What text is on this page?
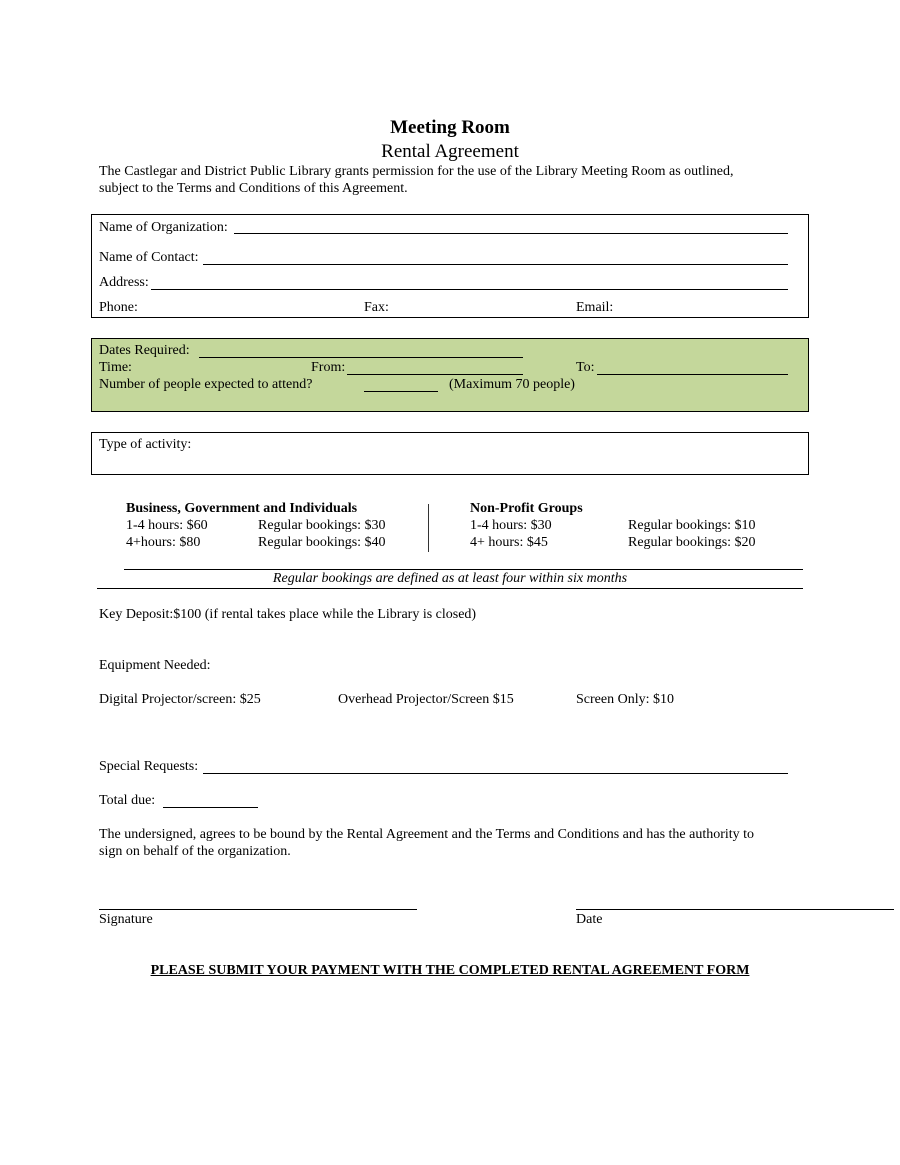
Meeting Room
Rental Agreement
The Castlegar and District Public Library grants permission for the use of the Library Meeting Room as outlined,
subject to the Terms and Conditions of this Agreement.
Name of Organization:
Name of Contact:
Address:
Phone:	Fax:	Email:
Dates Required:
Time:	From:	To:
Number of people expected to attend?	(Maximum 70 people)
Type of activity:
Business, Government and Individuals
1-4 hours: $60	Regular bookings: $30
4+hours: $80	Regular bookings: $40
Non-Profit Groups
1-4 hours: $30	Regular bookings: $10
4+ hours: $45	Regular bookings: $20
Regular bookings are defined as at least four within six months
Key Deposit:$100 (if rental takes place while the Library is closed)
Equipment Needed:
Digital Projector/screen: $25	Overhead Projector/Screen $15	Screen Only: $10
Special Requests:
Total due:
The undersigned, agrees to be bound by the Rental Agreement and the Terms and Conditions and has the authority to
sign on behalf of the organization.
Signature	Date
PLEASE SUBMIT YOUR PAYMENT WITH THE COMPLETED RENTAL AGREEMENT FORM
